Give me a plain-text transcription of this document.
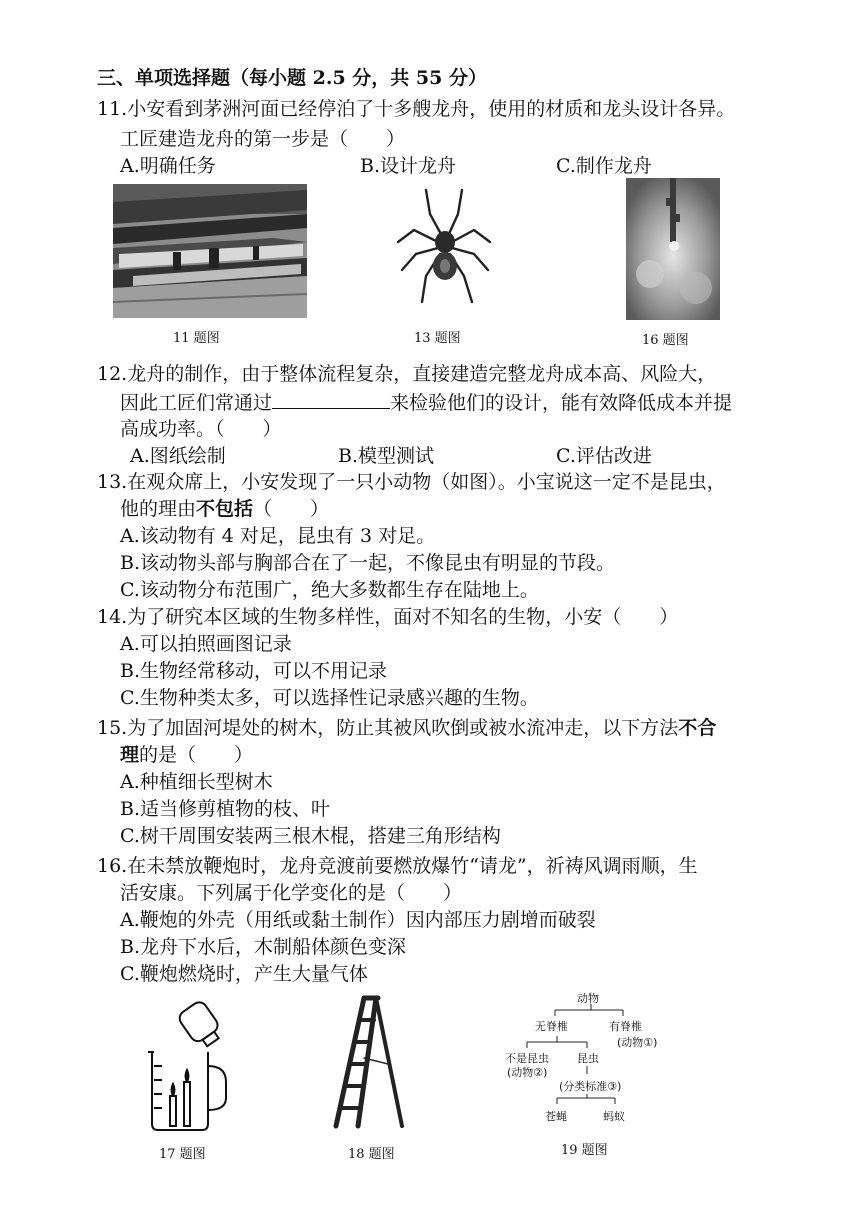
三、单项选择题（每小题 2.5 分，共 55 分）
11.小安看到茅洲河面已经停泊了十多艘龙舟，使用的材质和龙头设计各异。
工匠建造龙舟的第一步是（　　）
A.明确任务	B.设计龙舟	C.制作龙舟
11 题图	13 题图	16 题图
12.龙舟的制作，由于整体流程复杂，直接建造完整龙舟成本高、风险大，
因此工匠们常通过	来检验他们的设计，能有效降低成本并提
高成功率。（　　）
A.图纸绘制	B.模型测试	C.评估改进
13.在观众席上，小安发现了一只小动物（如图）。小宝说这一定不是昆虫，
他的理由不包括（　　）
A.该动物有 4 对足，昆虫有 3 对足。
B.该动物头部与胸部合在了一起，不像昆虫有明显的节段。
C.该动物分布范围广，绝大多数都生存在陆地上。
14.为了研究本区域的生物多样性，面对不知名的生物，小安（　　）
A.可以拍照画图记录
B.生物经常移动，可以不用记录
C.生物种类太多，可以选择性记录感兴趣的生物。
15.为了加固河堤处的树木，防止其被风吹倒或被水流冲走，以下方法不合
理的是（　　）
A.种植细长型树木
B.适当修剪植物的枝、叶
C.树干周围安装两三根木棍，搭建三角形结构
16.在未禁放鞭炮时，龙舟竞渡前要燃放爆竹“请龙”，祈祷风调雨顺，生
活安康。下列属于化学变化的是（　　）
A.鞭炮的外壳（用纸或黏土制作）因内部压力剧增而破裂
B.龙舟下水后，木制船体颜色变深
C.鞭炮燃烧时，产生大量气体
17 题图	18 题图
动物
无脊椎	有脊椎
(动物①)
不是昆虫
(动物②)
昆虫
(分类标准③)
苍蝇	蚂蚁
19 题图
